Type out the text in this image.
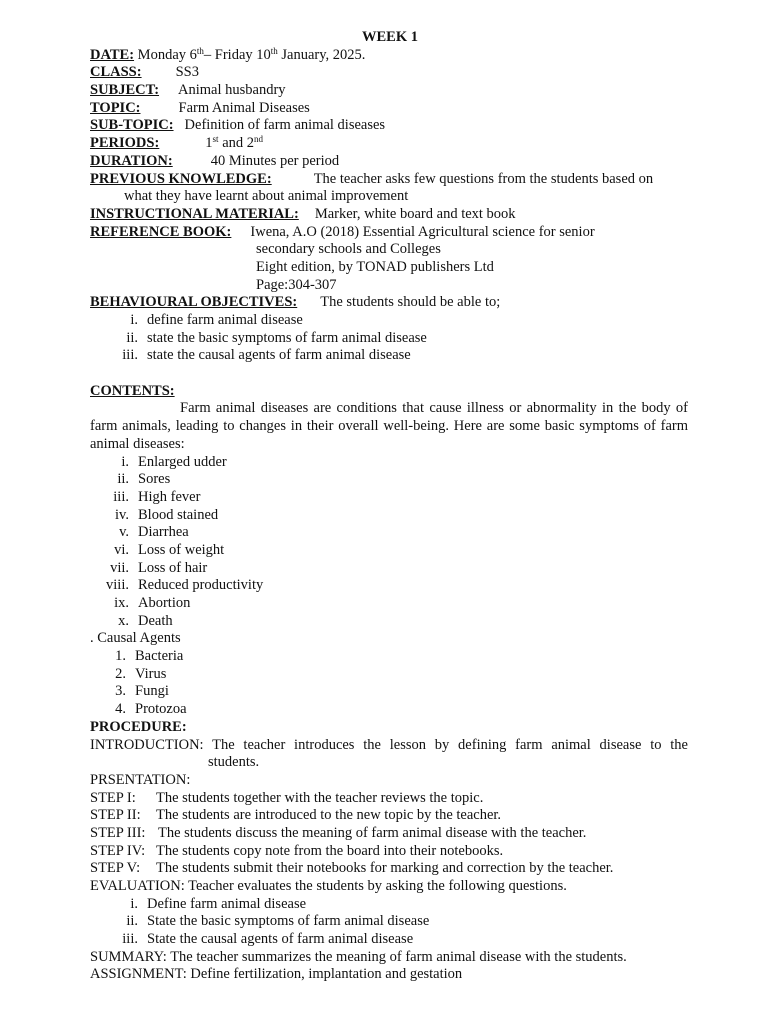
WEEK 1
DATE: Monday 6th– Friday 10th January, 2025.
CLASS: SS3
SUBJECT: Animal husbandry
TOPIC:	Farm Animal Diseases
SUB-TOPIC: Definition of farm animal diseases
PERIODS:	1st and 2nd
DURATION:	40 Minutes per period
PREVIOUS KNOWLEDGE:	The teacher asks few questions from the students based on
what they have learnt about animal improvement
INSTRUCTIONAL MATERIAL: Marker, white board and text book
REFERENCE BOOK: Iwena, A.O (2018) Essential Agricultural science for senior
secondary schools and Colleges
Eight edition, by TONAD publishers Ltd
Page:304-307
BEHAVIOURAL OBJECTIVES: The students should be able to;
i. define farm animal disease
ii. state the basic symptoms of farm animal disease
iii. state the causal agents of farm animal disease
CONTENTS:
Farm animal diseases are conditions that cause illness or abnormality in the body of farm animals, leading to changes in their overall well-being. Here are some basic symptoms of farm animal diseases:
i. Enlarged udder
ii. Sores
iii. High fever
iv. Blood stained
v. Diarrhea
vi. Loss of weight
vii. Loss of hair
viii. Reduced productivity
ix. Abortion
x. Death
. Causal Agents
1. Bacteria
2. Virus
3. Fungi
4. Protozoa
PROCEDURE:
INTRODUCTION: The teacher introduces the lesson by defining farm animal disease to the
students.
PRSENTATION:
STEP I: The students together with the teacher reviews the topic.
STEP II: The students are introduced to the new topic by the teacher.
STEP III: The students discuss the meaning of farm animal disease with the teacher.
STEP IV: The students copy note from the board into their notebooks.
STEP V: The students submit their notebooks for marking and correction by the teacher.
EVALUATION: Teacher evaluates the students by asking the following questions.
i. Define farm animal disease
ii. State the basic symptoms of farm animal disease
iii. State the causal agents of farm animal disease
SUMMARY: The teacher summarizes the meaning of farm animal disease with the students.
ASSIGNMENT: Define fertilization, implantation and gestation
